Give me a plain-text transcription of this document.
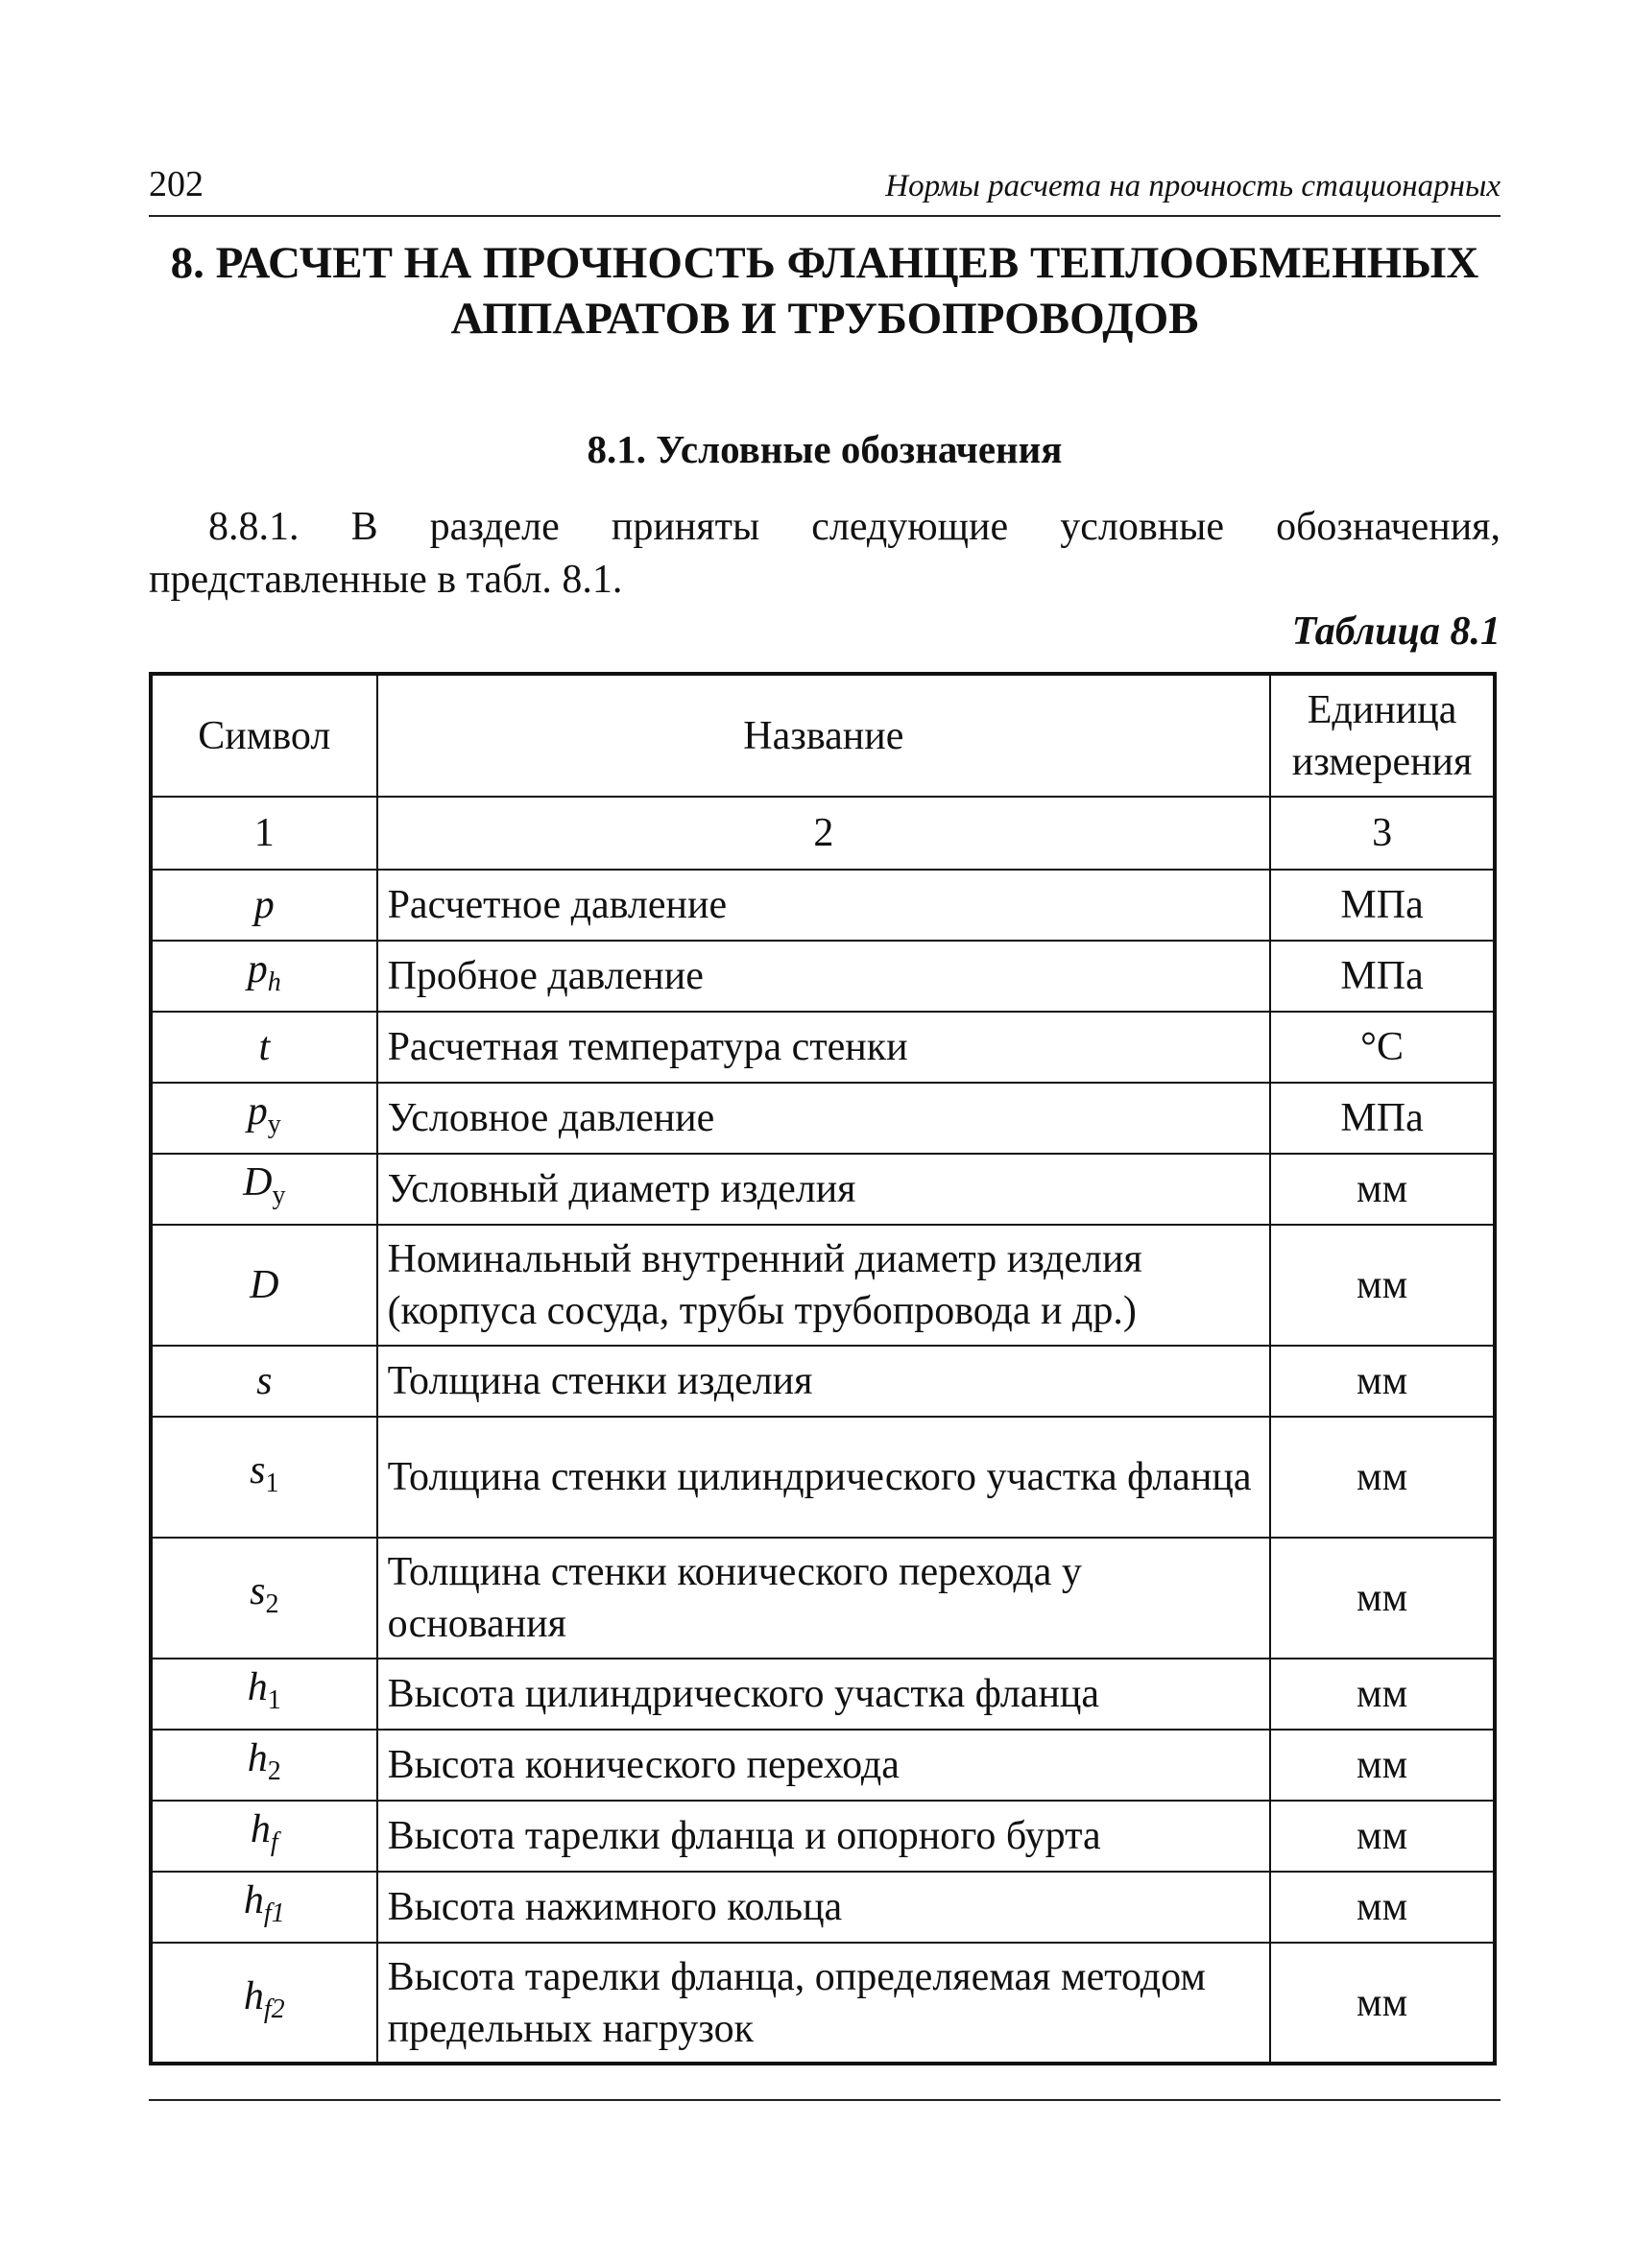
202	Нормы расчета на прочность стационарных
8. РАСЧЕТ НА ПРОЧНОСТЬ ФЛАНЦЕВ ТЕПЛООБМЕННЫХ
АППАРАТОВ И ТРУБОПРОВОДОВ
8.1. Условные обозначения
8.8.1. В разделе приняты следующие условные обозначения, представленные в табл. 8.1.
Таблица 8.1
Символ	Название	Единица измерения
1	2	3
p	Расчетное давление	МПа
$p_h$	Пробное давление	МПа
t	Расчетная температура стенки	°С
$p_у$	Условное давление	МПа
$D_у$	Условный диаметр изделия	мм
D	Номинальный внутренний диаметр изделия (корпуса сосуда, трубы трубопровода и др.)	мм
s	Толщина стенки изделия	мм
$s_1$	Толщина стенки цилиндрического участка фланца	мм
$s_2$	Толщина стенки конического перехода у основания	мм
$h_1$	Высота цилиндрического участка фланца	мм
$h_2$	Высота конического перехода	мм
$h_f$	Высота тарелки фланца и опорного бурта	мм
$h_{f1}$	Высота нажимного кольца	мм
$h_{f2}$	Высота тарелки фланца, определяемая методом предельных нагрузок	мм
